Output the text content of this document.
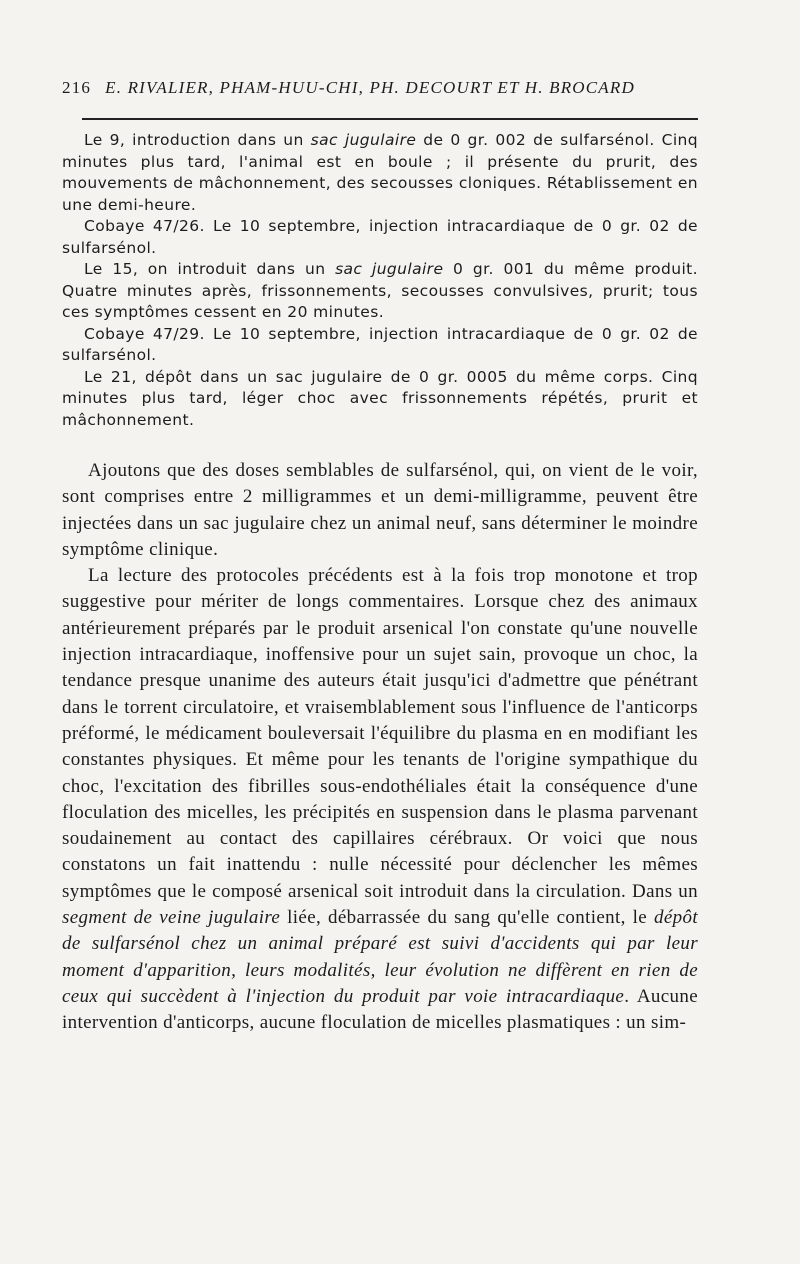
216 E. RIVALIER, PHAM-HUU-CHI, PH. DECOURT ET H. BROCARD

Le 9, introduction dans un sac jugulaire de 0 gr. 002 de sulfarsénol. Cinq minutes plus tard, l'animal est en boule ; il présente du prurit, des mouvements de mâchonnement, des secousses cloniques. Rétablissement en une demi-heure.

Cobaye 47/26. Le 10 septembre, injection intracardiaque de 0 gr. 02 de sulfarsénol.

Le 15, on introduit dans un sac jugulaire 0 gr. 001 du même produit. Quatre minutes après, frissonnements, secousses convulsives, prurit; tous ces symptômes cessent en 20 minutes.

Cobaye 47/29. Le 10 septembre, injection intracardiaque de 0 gr. 02 de sulfarsénol.

Le 21, dépôt dans un sac jugulaire de 0 gr. 0005 du même corps. Cinq minutes plus tard, léger choc avec frissonnements répétés, prurit et mâchonnement.

Ajoutons que des doses semblables de sulfarsénol, qui, on vient de le voir, sont comprises entre 2 milligrammes et un demi-milligramme, peuvent être injectées dans un sac jugulaire chez un animal neuf, sans déterminer le moindre symptôme clinique.

La lecture des protocoles précédents est à la fois trop monotone et trop suggestive pour mériter de longs commentaires. Lorsque chez des animaux antérieurement préparés par le produit arsenical l'on constate qu'une nouvelle injection intracardiaque, inoffensive pour un sujet sain, provoque un choc, la tendance presque unanime des auteurs était jusqu'ici d'admettre que pénétrant dans le torrent circulatoire, et vraisemblablement sous l'influence de l'anticorps préformé, le médicament bouleversait l'équilibre du plasma en en modifiant les constantes physiques. Et même pour les tenants de l'origine sympathique du choc, l'excitation des fibrilles sous-endothéliales était la conséquence d'une floculation des micelles, les précipités en suspension dans le plasma parvenant soudainement au contact des capillaires cérébraux. Or voici que nous constatons un fait inattendu : nulle nécessité pour déclencher les mêmes symptômes que le composé arsenical soit introduit dans la circulation. Dans un segment de veine jugulaire liée, débarrassée du sang qu'elle contient, le dépôt de sulfarsénol chez un animal préparé est suivi d'accidents qui par leur moment d'apparition, leurs modalités, leur évolution ne diffèrent en rien de ceux qui succèdent à l'injection du produit par voie intracardiaque. Aucune intervention d'anticorps, aucune floculation de micelles plasmatiques : un sim-
